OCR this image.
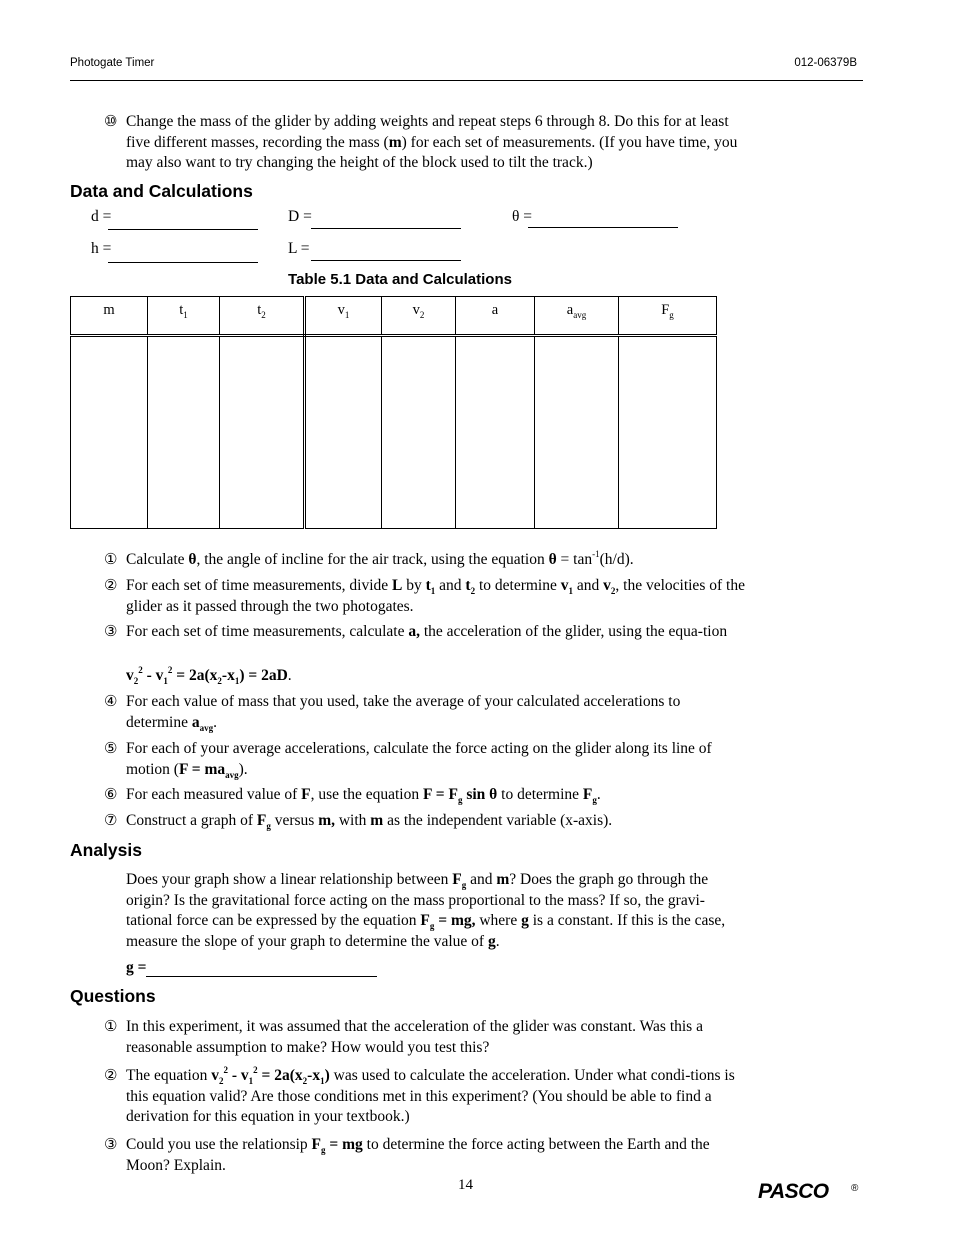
Photogate Timer	012-06379B
⑩ Change the mass of the glider by adding weights and repeat steps 6 through 8. Do this for at least five different masses, recording the mass (m) for each set of measurements. (If you have time, you may also want to try changing the height of the block used to tilt the track.)
Data and Calculations
d =	D =	θ =
h =	L =
Table 5.1 Data and Calculations
m	$t_1$	$t_2$	$v_1$	$v_2$	a	$a_{avg}$	$F_g$

① Calculate θ, the angle of incline for the air track, using the equation $\theta = \tan^{-1}(h/d)$.
② For each set of time measurements, divide L by $t_1$ and $t_2$ to determine $v_1$ and $v_2$, the velocities of the glider as it passed through the two photogates.
③ For each set of time measurements, calculate a, the acceleration of the glider, using the equa-tion
$v_2^2 - v_1^2 = 2a(x_2-x_1) = 2aD$.
④ For each value of mass that you used, take the average of your calculated accelerations to determine $a_{avg}$.
⑤ For each of your average accelerations, calculate the force acting on the glider along its line of motion $(F = ma_{avg})$.
⑥ For each measured value of F, use the equation $F = F_g$ sin θ to determine $F_g$.
⑦ Construct a graph of $F_g$ versus m, with m as the independent variable (x-axis).
Analysis
Does your graph show a linear relationship between $F_g$ and m? Does the graph go through the origin? Is the gravitational force acting on the mass proportional to the mass? If so, the gravi-tational force can be expressed by the equation $F_g$ = mg, where g is a constant. If this is the case, measure the slope of your graph to determine the value of g.
g =
Questions
① In this experiment, it was assumed that the acceleration of the glider was constant. Was this a reasonable assumption to make? How would you test this?
② The equation $v_2^2 - v_1^2 = 2a(x_2-x_1)$ was used to calculate the acceleration. Under what condi-tions is this equation valid? Are those conditions met in this experiment? (You should be able to find a derivation for this equation in your textbook.)
③ Could you use the relationsip $F_g$ = mg to determine the force acting between the Earth and the Moon? Explain.
14	PASCO ®
